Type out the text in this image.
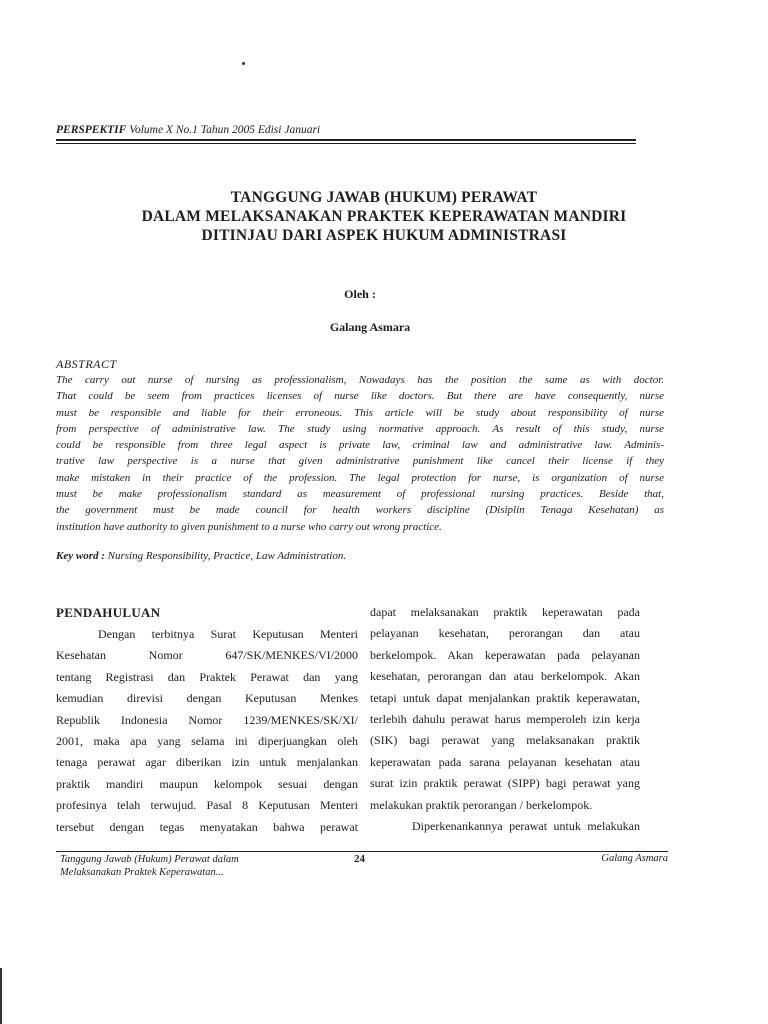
PERSPEKTIF Volume X No.1 Tahun 2005 Edisi Januari
TANGGUNG JAWAB (HUKUM) PERAWAT
DALAM MELAKSANAKAN PRAKTEK KEPERAWATAN MANDIRI
DITINJAU DARI ASPEK HUKUM ADMINISTRASI
Oleh :
Galang Asmara
ABSTRACT
The carry out nurse of nursing as professionalism, Nowadays has the position the same as with doctor.
That could be seem from practices licenses of nurse like doctors. But there are have consequently, nurse
must be responsible and liable for their erroneous. This article will be study about responsibility of nurse
from perspective of administrative law. The study using normative approach. As result of this study, nurse
could be responsible from three legal aspect is private law, criminal law and administrative law. Adminis-
trative law perspective is a nurse that given administrative punishment like cancel their license if they
make mistaken in their practice of the profession. The legal protection for nurse, is organization of nurse
must be make professionalism standard as measurement of professional nursing practices. Beside that,
the government must be made council for health workers discipline (Disiplin Tenaga Kesehatan) as
institution have authority to given punishment to a nurse who carry out wrong practice.
Key word : Nursing Responsibility, Practice, Law Administration.
PENDAHULUAN
Dengan terbitnya Surat Keputusan Menteri
Kesehatan Nomor 647/SK/MENKES/VI/2000
tentang Registrasi dan Praktek Perawat dan yang
kemudian direvisi dengan Keputusan Menkes
Republik Indonesia Nomor 1239/MENKES/SK/XI/
2001, maka apa yang selama ini diperjuangkan oleh
tenaga perawat agar diberikan izin untuk menjalankan
praktik mandiri maupun kelompok sesuai dengan
profesinya telah terwujud. Pasal 8 Keputusan Menteri
tersebut dengan tegas menyatakan bahwa perawat
dapat melaksanakan praktik keperawatan pada
pelayanan kesehatan, perorangan dan atau
berkelompok. Akan keperawatan pada pelayanan
kesehatan, perorangan dan atau berkelompok. Akan
tetapi untuk dapat menjalankan praktik keperawatan,
terlebih dahulu perawat harus memperoleh izin kerja
(SIK) bagi perawat yang melaksanakan praktik
keperawatan pada sarana pelayanan kesehatan atau
surat izin praktik perawat (SIPP) bagi perawat yang
melakukan praktik perorangan / berkelompok.
Diperkenankannya perawat untuk melakukan
Tanggung Jawab (Hukum) Perawat dalam
Melaksanakan Praktek Keperawatan...
24	Galang Asmara
